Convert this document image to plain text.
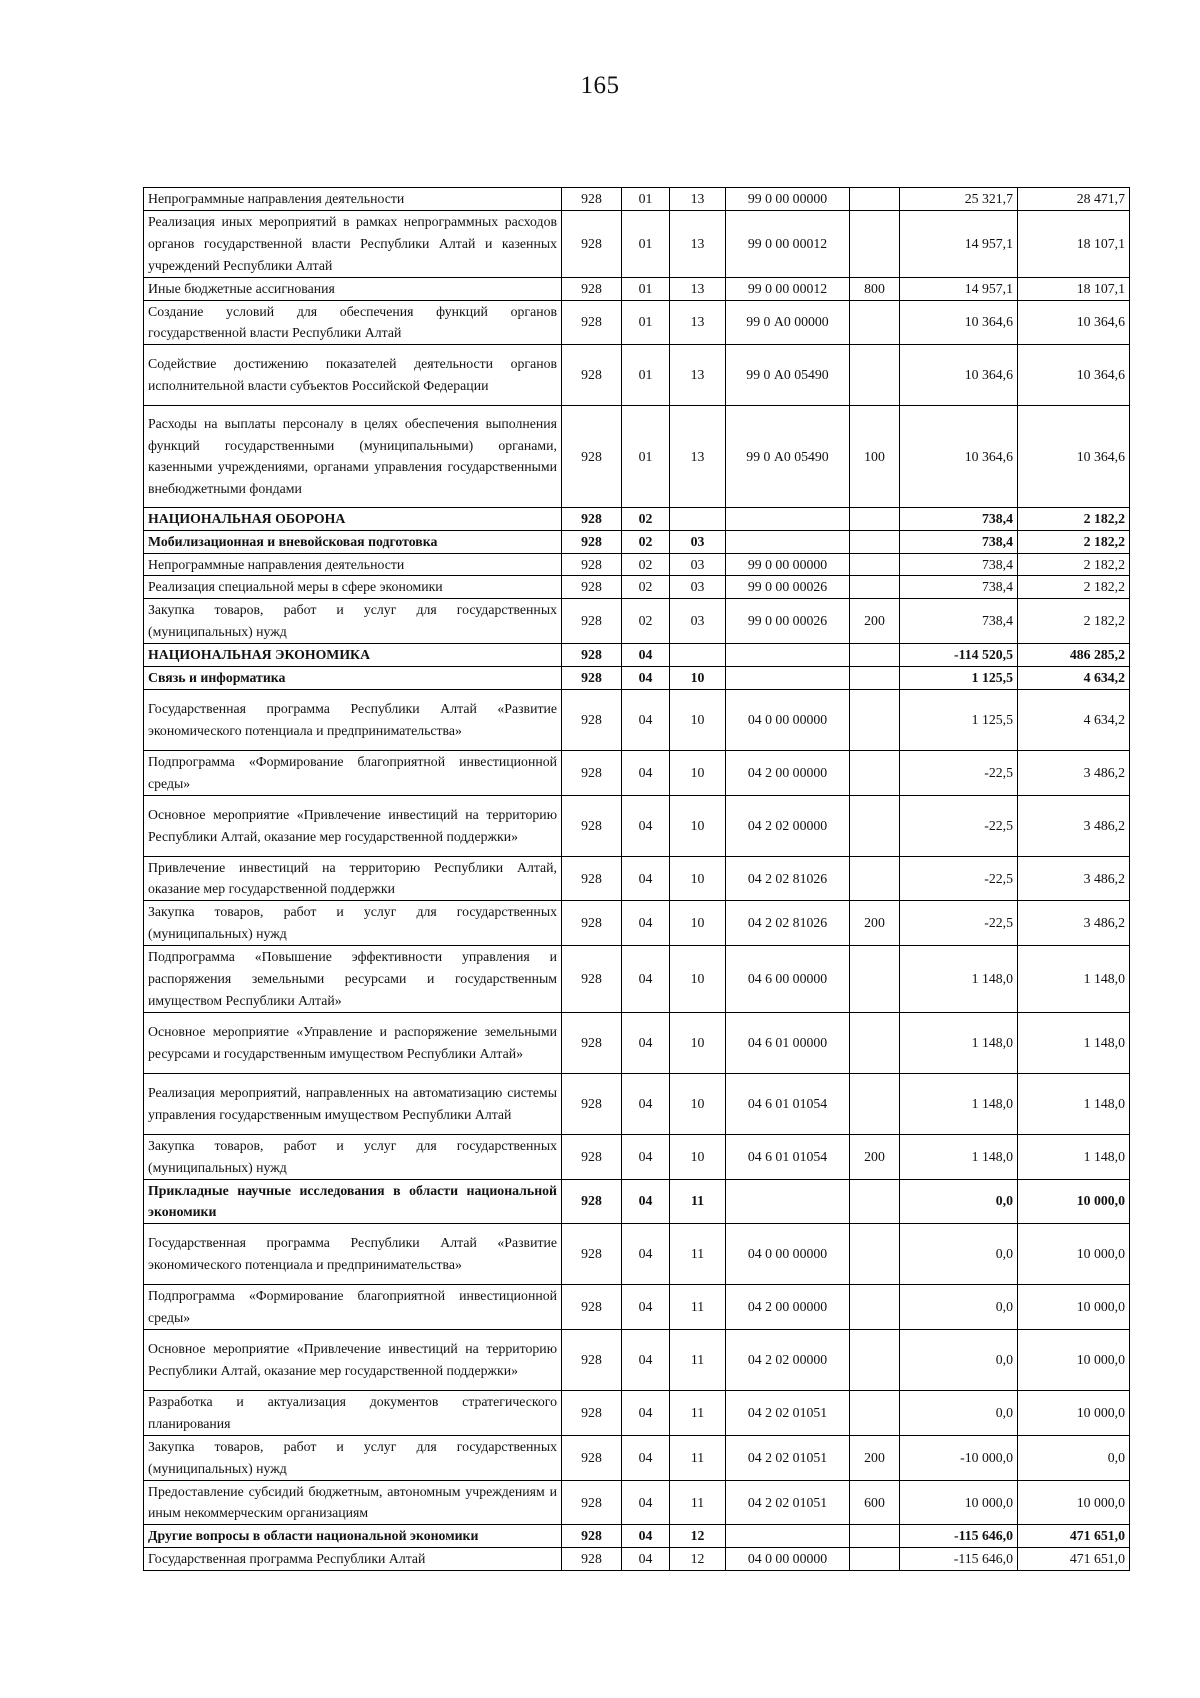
165
Непрограммные направления деятельности	928	01	13	99 0 00 00000		25 321,7	28 471,7
Реализация иных мероприятий в рамках непрограммных расходов органов государственной власти Республики Алтай и казенных учреждений Республики Алтай	928	01	13	99 0 00 00012		14 957,1	18 107,1
Иные бюджетные ассигнования	928	01	13	99 0 00 00012	800	14 957,1	18 107,1
Создание условий для обеспечения функций органов государственной власти Республики Алтай	928	01	13	99 0 А0 00000		10 364,6	10 364,6
Содействие достижению показателей деятельности органов исполнительной власти субъектов Российской Федерации	928	01	13	99 0 А0 05490		10 364,6	10 364,6
Расходы на выплаты персоналу в целях обеспечения выполнения функций государственными (муниципальными) органами, казенными учреждениями, органами управления государственными внебюджетными фондами	928	01	13	99 0 А0 05490	100	10 364,6	10 364,6
НАЦИОНАЛЬНАЯ ОБОРОНА	928	02				738,4	2 182,2
Мобилизационная и вневойсковая подготовка	928	02	03			738,4	2 182,2
Непрограммные направления деятельности	928	02	03	99 0 00 00000		738,4	2 182,2
Реализация специальной меры в сфере экономики	928	02	03	99 0 00 00026		738,4	2 182,2
Закупка товаров, работ и услуг для государственных (муниципальных) нужд	928	02	03	99 0 00 00026	200	738,4	2 182,2
НАЦИОНАЛЬНАЯ ЭКОНОМИКА	928	04				-114 520,5	486 285,2
Связь и информатика	928	04	10			1 125,5	4 634,2
Государственная программа Республики Алтай «Развитие экономического потенциала и предпринимательства»	928	04	10	04 0 00 00000		1 125,5	4 634,2
Подпрограмма «Формирование благоприятной инвестиционной среды»	928	04	10	04 2 00 00000		-22,5	3 486,2
Основное мероприятие «Привлечение инвестиций на территорию Республики Алтай, оказание мер государственной поддержки»	928	04	10	04 2 02 00000		-22,5	3 486,2
Привлечение инвестиций на территорию Республики Алтай, оказание мер государственной поддержки	928	04	10	04 2 02 81026		-22,5	3 486,2
Закупка товаров, работ и услуг для государственных (муниципальных) нужд	928	04	10	04 2 02 81026	200	-22,5	3 486,2
Подпрограмма «Повышение эффективности управления и распоряжения земельными ресурсами и государственным имуществом Республики Алтай»	928	04	10	04 6 00 00000		1 148,0	1 148,0
Основное мероприятие «Управление и распоряжение земельными ресурсами и государственным имуществом Республики Алтай»	928	04	10	04 6 01 00000		1 148,0	1 148,0
Реализация мероприятий, направленных на автоматизацию системы управления государственным имуществом Республики Алтай	928	04	10	04 6 01 01054		1 148,0	1 148,0
Закупка товаров, работ и услуг для государственных (муниципальных) нужд	928	04	10	04 6 01 01054	200	1 148,0	1 148,0
Прикладные научные исследования в области национальной экономики	928	04	11			0,0	10 000,0
Государственная программа Республики Алтай «Развитие экономического потенциала и предпринимательства»	928	04	11	04 0 00 00000		0,0	10 000,0
Подпрограмма «Формирование благоприятной инвестиционной среды»	928	04	11	04 2 00 00000		0,0	10 000,0
Основное мероприятие «Привлечение инвестиций на территорию Республики Алтай, оказание мер государственной поддержки»	928	04	11	04 2 02 00000		0,0	10 000,0
Разработка и актуализация документов стратегического планирования	928	04	11	04 2 02 01051		0,0	10 000,0
Закупка товаров, работ и услуг для государственных (муниципальных) нужд	928	04	11	04 2 02 01051	200	-10 000,0	0,0
Предоставление субсидий бюджетным, автономным учреждениям и иным некоммерческим организациям	928	04	11	04 2 02 01051	600	10 000,0	10 000,0
Другие вопросы в области национальной экономики	928	04	12			-115 646,0	471 651,0
Государственная программа Республики Алтай	928	04	12	04 0 00 00000		-115 646,0	471 651,0
